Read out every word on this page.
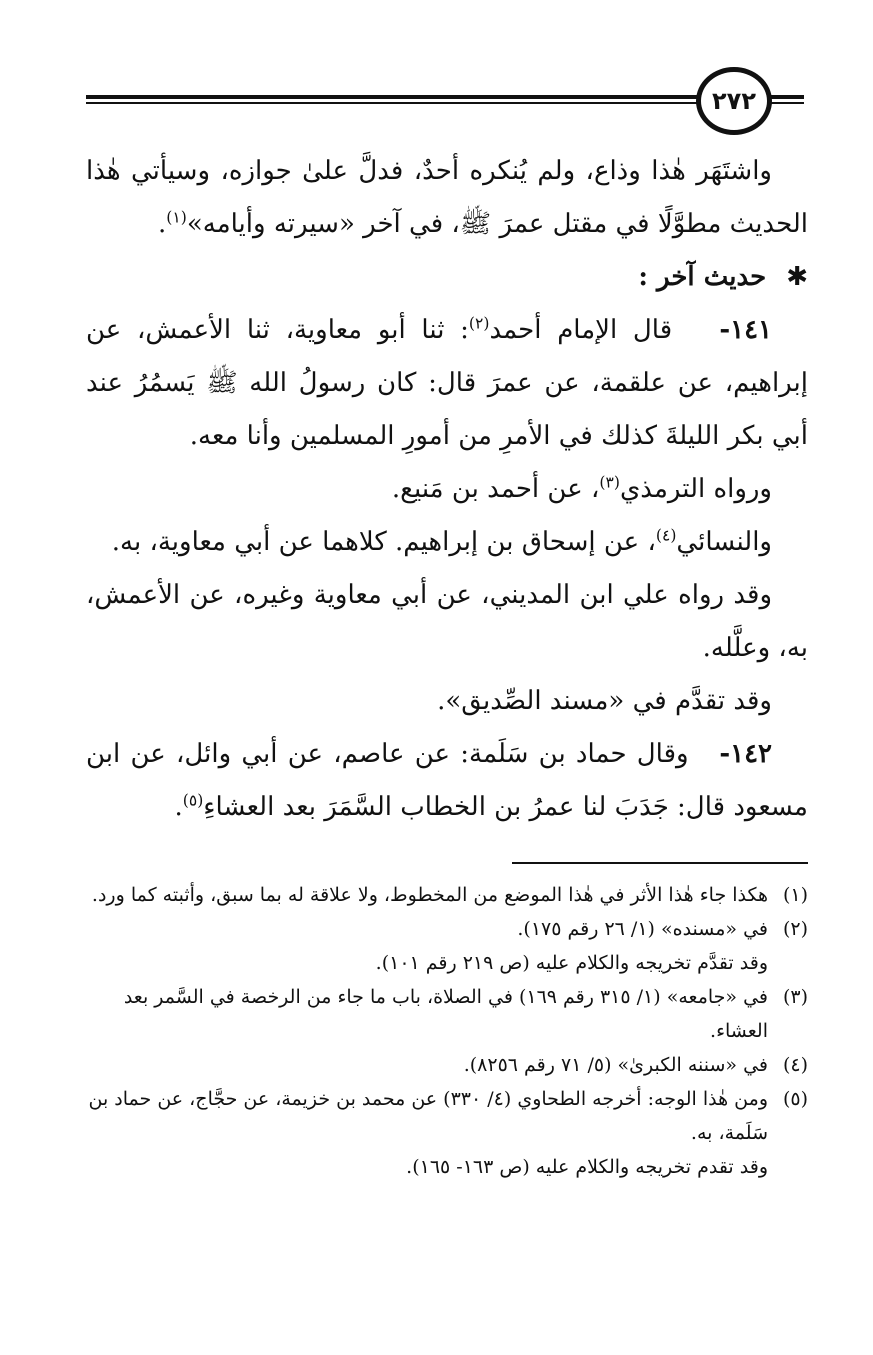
٢٧٢

واشتَهَر هٰذا وذاع، ولم يُنكره أحدٌ، فدلَّ علىٰ جوازه، وسيأتي هٰذا الحديث مطوَّلًا في مقتل عمرَ ﷺ، في آخر «سيرته وأيامه»$^{(١)}$.

✱حديث آخر :

١٤١-   قال الإمام أحمد$^{(٢)}$: ثنا أبو معاوية، ثنا الأعمش، عن إبراهيم، عن علقمة، عن عمرَ قال: كان رسولُ الله ﷺ يَسمُرُ عند أبي بكر الليلةَ كذلك في الأمرِ من أمورِ المسلمين وأنا معه.

ورواه الترمذي$^{(٣)}$، عن أحمد بن مَنيع.

والنسائي$^{(٤)}$، عن إسحاق بن إبراهيم. كلاهما عن أبي معاوية، به.

وقد رواه علي ابن المديني، عن أبي معاوية وغيره، عن الأعمش، به، وعلَّله.

وقد تقدَّم في «مسند الصِّديق».

١٤٢-   وقال حماد بن سَلَمة: عن عاصم، عن أبي وائل، عن ابن مسعود قال: جَدَبَ لنا عمرُ بن الخطاب السَّمَرَ بعد العشاءِ$^{(٥)}$.

(١)
هكذا جاء هٰذا الأثر في هٰذا الموضع من المخطوط، ولا علاقة له بما سبق، وأثبته كما ورد.
(٢)
في «مسنده» (١/ ٢٦ رقم ١٧٥).
وقد تقدَّم تخريجه والكلام عليه (ص ٢١٩ رقم ١٠١).
(٣)
في «جامعه» (١/ ٣١٥ رقم ١٦٩) في الصلاة، باب ما جاء من الرخصة في السَّمر بعد العشاء.
(٤)
في «سننه الكبرىٰ» (٥/ ٧١ رقم ٨٢٥٦).
(٥)
ومن هٰذا الوجه: أخرجه الطحاوي (٤/ ٣٣٠) عن محمد بن خزيمة، عن حجَّاج، عن حماد بن سَلَمة، به.
وقد تقدم تخريجه والكلام عليه (ص ١٦٣- ١٦٥).
